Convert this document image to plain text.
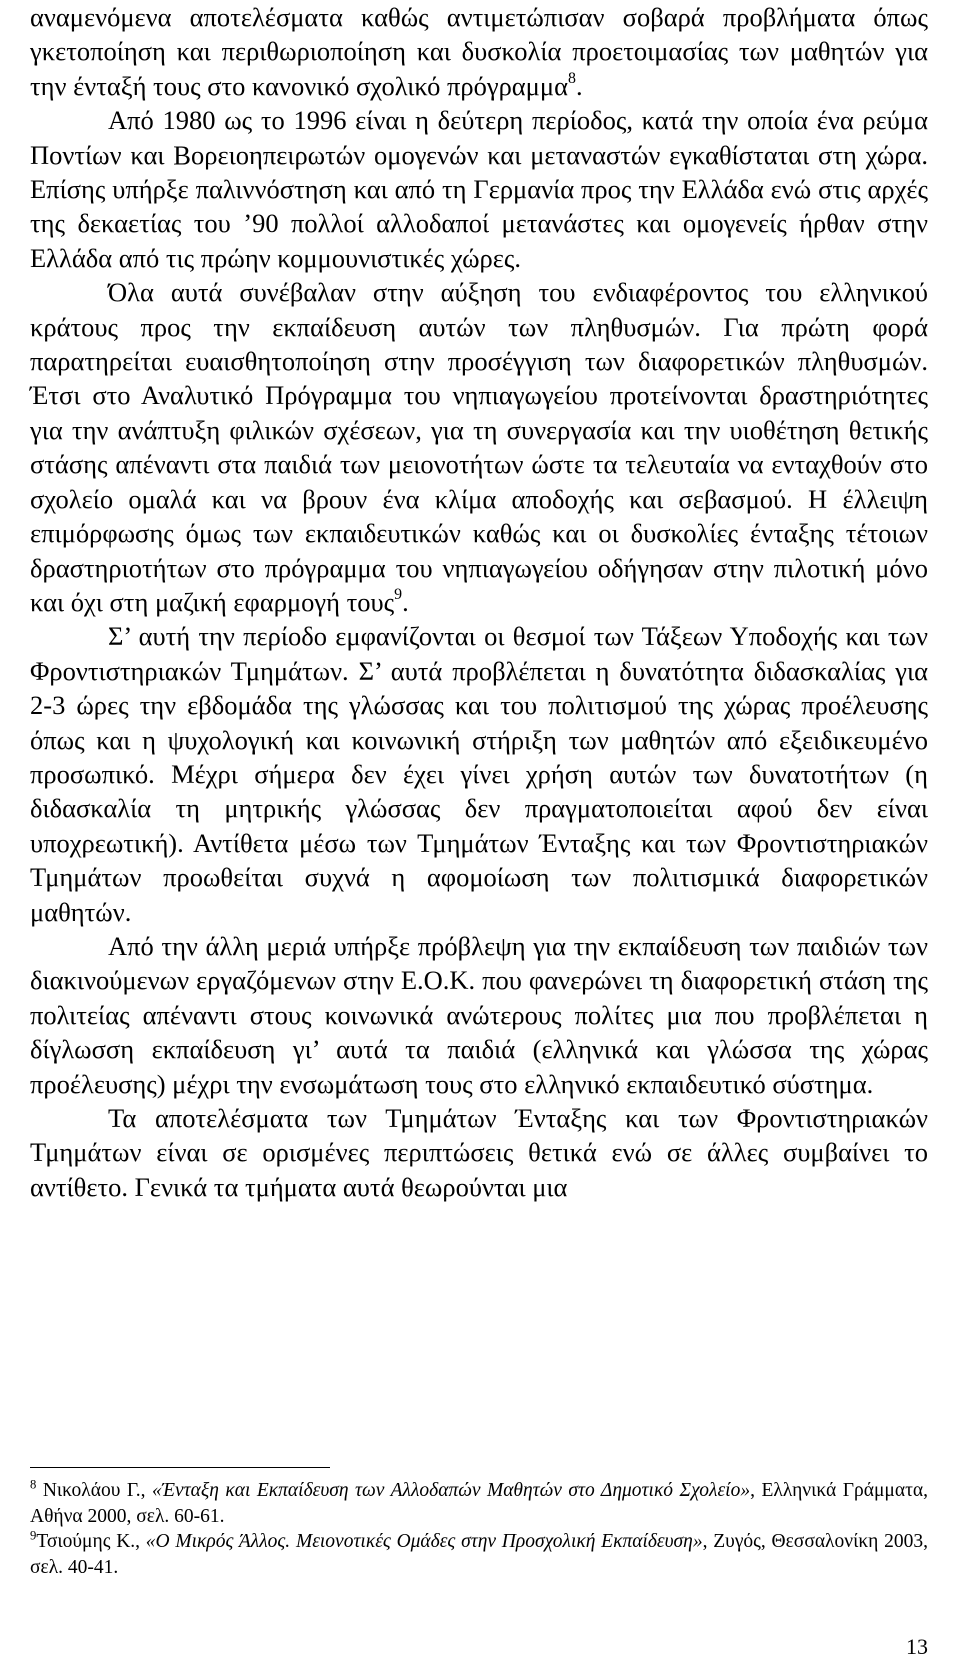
αναμενόμενα αποτελέσματα καθώς αντιμετώπισαν σοβαρά προβλήματα όπως γκετοποίηση και περιθωριοποίηση και δυσκολία προετοιμασίας των μαθητών για την ένταξή τους στο κανονικό σχολικό πρόγραμμα$^8$.

Από 1980 ως το 1996 είναι η δεύτερη περίοδος, κατά την οποία ένα ρεύμα Ποντίων και Βορειοηπειρωτών ομογενών και μεταναστών εγκαθίσταται στη χώρα. Επίσης υπήρξε παλιννόστηση και από τη Γερμανία προς την Ελλάδα ενώ στις αρχές της δεκαετίας του ’90 πολλοί αλλοδαποί μετανάστες και ομογενείς ήρθαν στην Ελλάδα από τις πρώην κομμουνιστικές χώρες.

Όλα αυτά συνέβαλαν στην αύξηση του ενδιαφέροντος του ελληνικού κράτους προς την εκπαίδευση αυτών των πληθυσμών. Για πρώτη φορά παρατηρείται ευαισθητοποίηση στην προσέγγιση των διαφορετικών πληθυσμών. Έτσι στο Αναλυτικό Πρόγραμμα του νηπιαγωγείου προτείνονται δραστηριότητες για την ανάπτυξη φιλικών σχέσεων, για τη συνεργασία και την υιοθέτηση θετικής στάσης απέναντι στα παιδιά των μειονοτήτων ώστε τα τελευταία να ενταχθούν στο σχολείο ομαλά και να βρουν ένα κλίμα αποδοχής και σεβασμού. Η έλλειψη επιμόρφωσης όμως των εκπαιδευτικών καθώς και οι δυσκολίες ένταξης τέτοιων δραστηριοτήτων στο πρόγραμμα του νηπιαγωγείου οδήγησαν στην πιλοτική μόνο και όχι στη μαζική εφαρμογή τους$^9$.

Σ’ αυτή την περίοδο εμφανίζονται οι θεσμοί των Τάξεων Υποδοχής και των Φροντιστηριακών Τμημάτων. Σ’ αυτά προβλέπεται η δυνατότητα διδασκαλίας για 2-3 ώρες την εβδομάδα της γλώσσας και του πολιτισμού της χώρας προέλευσης όπως και η ψυχολογική και κοινωνική στήριξη των μαθητών από εξειδικευμένο προσωπικό. Μέχρι σήμερα δεν έχει γίνει χρήση αυτών των δυνατοτήτων (η διδασκαλία τη μητρικής γλώσσας δεν πραγματοποιείται αφού δεν είναι υποχρεωτική). Αντίθετα μέσω των Τμημάτων Ένταξης και των Φροντιστηριακών Τμημάτων προωθείται συχνά η αφομοίωση των πολιτισμικά διαφορετικών μαθητών.

Από την άλλη μεριά υπήρξε πρόβλεψη για την εκπαίδευση των παιδιών των διακινούμενων εργαζόμενων στην Ε.Ο.Κ. που φανερώνει τη διαφορετική στάση της πολιτείας απέναντι στους κοινωνικά ανώτερους πολίτες μια που προβλέπεται η δίγλωσση εκπαίδευση γι’ αυτά τα παιδιά (ελληνικά και γλώσσα της χώρας προέλευσης) μέχρι την ενσωμάτωση τους στο ελληνικό εκπαιδευτικό σύστημα.

Τα αποτελέσματα των Τμημάτων Ένταξης και των Φροντιστηριακών Τμημάτων είναι σε ορισμένες περιπτώσεις θετικά ενώ σε άλλες συμβαίνει το αντίθετο. Γενικά τα τμήματα αυτά θεωρούνται μια

$^8$ Νικολάου Γ., «Ένταξη και Εκπαίδευση των Αλλοδαπών Μαθητών στο Δημοτικό Σχολείο», Ελληνικά Γράμματα, Αθήνα 2000, σελ. 60-61.

$^9$Τσιούμης Κ., «Ο Μικρός Άλλος. Μειονοτικές Ομάδες στην Προσχολική Εκπαίδευση», Ζυγός, Θεσσαλονίκη 2003, σελ. 40-41.

13
